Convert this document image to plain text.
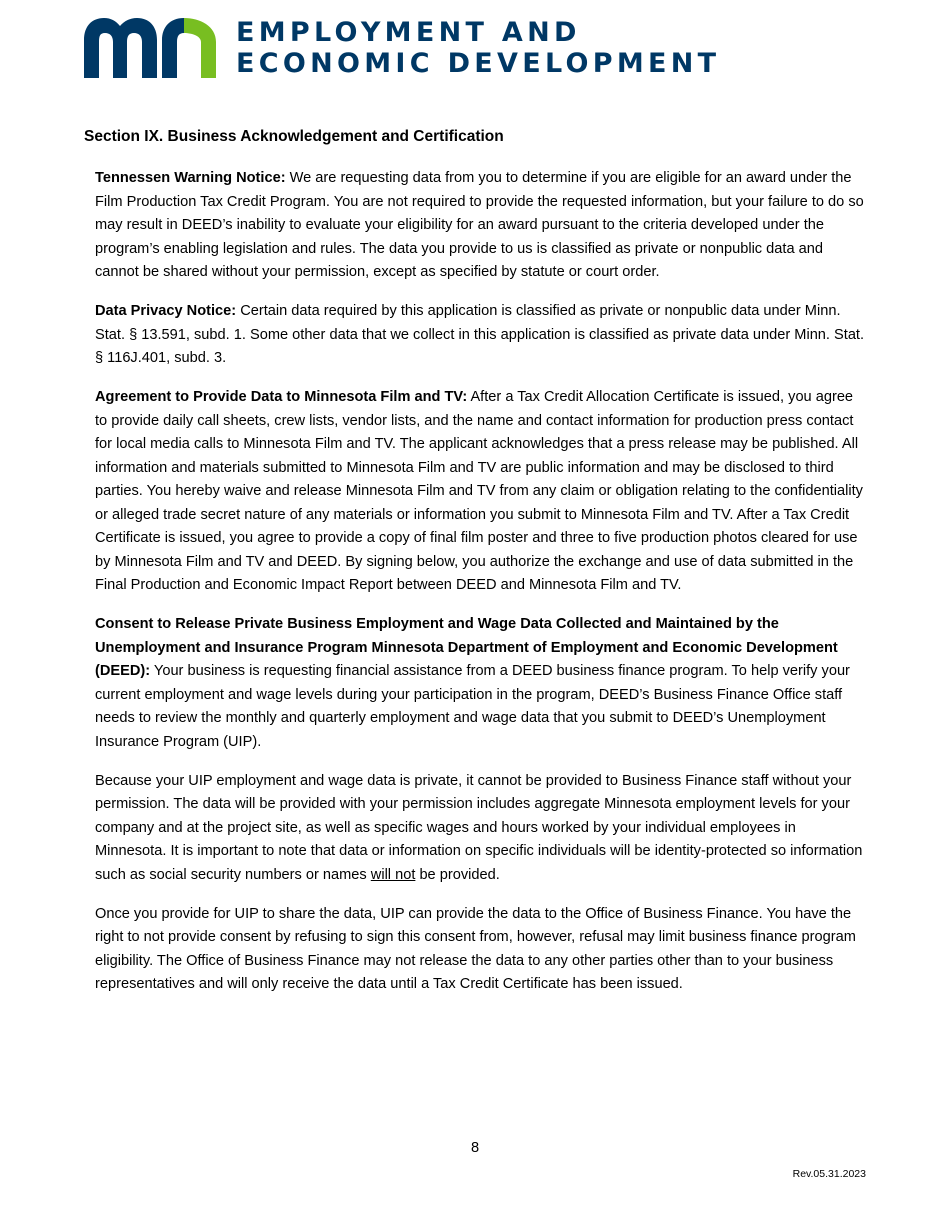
EMPLOYMENT AND
ECONOMIC DEVELOPMENT
Section IX. Business Acknowledgement and Certification

Tennessen Warning Notice: We are requesting data from you to determine if you are eligible for an award under the Film Production Tax Credit Program. You are not required to provide the requested information, but your failure to do so may result in DEED’s inability to evaluate your eligibility for an award pursuant to the criteria developed under the program’s enabling legislation and rules. The data you provide to us is classified as private or nonpublic data and cannot be shared without your permission, except as specified by statute or court order.

Data Privacy Notice: Certain data required by this application is classified as private or nonpublic data under Minn. Stat. § 13.591, subd. 1. Some other data that we collect in this application is classified as private data under Minn. Stat. § 116J.401, subd. 3.

Agreement to Provide Data to Minnesota Film and TV: After a Tax Credit Allocation Certificate is issued, you agree to provide daily call sheets, crew lists, vendor lists, and the name and contact information for production press contact for local media calls to Minnesota Film and TV. The applicant acknowledges that a press release may be published. All information and materials submitted to Minnesota Film and TV are public information and may be disclosed to third parties. You hereby waive and release Minnesota Film and TV from any claim or obligation relating to the confidentiality or alleged trade secret nature of any materials or information you submit to Minnesota Film and TV. After a Tax Credit Certificate is issued, you agree to provide a copy of final film poster and three to five production photos cleared for use by Minnesota Film and TV and DEED. By signing below, you authorize the exchange and use of data submitted in the Final Production and Economic Impact Report between DEED and Minnesota Film and TV.

Consent to Release Private Business Employment and Wage Data Collected and Maintained by the Unemployment and Insurance Program Minnesota Department of Employment and Economic Development (DEED): Your business is requesting financial assistance from a DEED business finance program. To help verify your current employment and wage levels during your participation in the program, DEED’s Business Finance Office staff needs to review the monthly and quarterly employment and wage data that you submit to DEED’s Unemployment Insurance Program (UIP).

Because your UIP employment and wage data is private, it cannot be provided to Business Finance staff without your permission. The data will be provided with your permission includes aggregate Minnesota employment levels for your company and at the project site, as well as specific wages and hours worked by your individual employees in Minnesota. It is important to note that data or information on specific individuals will be identity-protected so information such as social security numbers or names will not be provided.

Once you provide for UIP to share the data, UIP can provide the data to the Office of Business Finance. You have the right to not provide consent by refusing to sign this consent from, however, refusal may limit business finance program eligibility. The Office of Business Finance may not release the data to any other parties other than to your business representatives and will only receive the data until a Tax Credit Certificate has been issued.

8
Rev.05.31.2023
